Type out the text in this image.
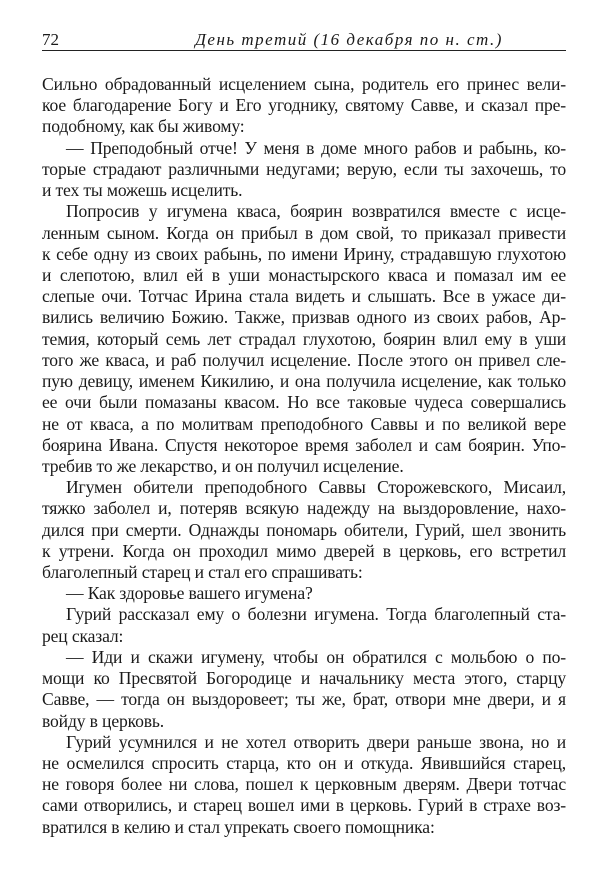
72	День третий (16 декабря по н. ст.)
Сильно обрадованный исцелением сына, родитель его принес вели-
кое благодарение Богу и Его угоднику, святому Савве, и сказал пре-
подобному, как бы живому:
— Преподобный отче! У меня в доме много рабов и рабынь, ко-
торые страдают различными недугами; верую, если ты захочешь, то
и тех ты можешь исцелить.
Попросив у игумена кваса, боярин возвратился вместе с исце-
ленным сыном. Когда он прибыл в дом свой, то приказал привести
к себе одну из своих рабынь, по имени Ирину, страдавшую глухотою
и слепотою, влил ей в уши монастырского кваса и помазал им ее
слепые очи. Тотчас Ирина стала видеть и слышать. Все в ужасе ди-
вились величию Божию. Также, призвав одного из своих рабов, Ар-
темия, который семь лет страдал глухотою, боярин влил ему в уши
того же кваса, и раб получил исцеление. После этого он привел сле-
пую девицу, именем Кикилию, и она получила исцеление, как только
ее очи были помазаны квасом. Но все таковые чудеса совершались
не от кваса, а по молитвам преподобного Саввы и по великой вере
боярина Ивана. Спустя некоторое время заболел и сам боярин. Упо-
требив то же лекарство, и он получил исцеление.
Игумен обители преподобного Саввы Сторожевского, Мисаил,
тяжко заболел и, потеряв всякую надежду на выздоровление, нахо-
дился при смерти. Однажды пономарь обители, Гурий, шел звонить
к утрени. Когда он проходил мимо дверей в церковь, его встретил
благолепный старец и стал его спрашивать:
— Как здоровье вашего игумена?
Гурий рассказал ему о болезни игумена. Тогда благолепный ста-
рец сказал:
— Иди и скажи игумену, чтобы он обратился с мольбою о по-
мощи ко Пресвятой Богородице и начальнику места этого, старцу
Савве, — тогда он выздоровеет; ты же, брат, отвори мне двери, и я
войду в церковь.
Гурий усумнился и не хотел отворить двери раньше звона, но и
не осмелился спросить старца, кто он и откуда. Явившийся старец,
не говоря более ни слова, пошел к церковным дверям. Двери тотчас
сами отворились, и старец вошел ими в церковь. Гурий в страхе воз-
вратился в келию и стал упрекать своего помощника:
